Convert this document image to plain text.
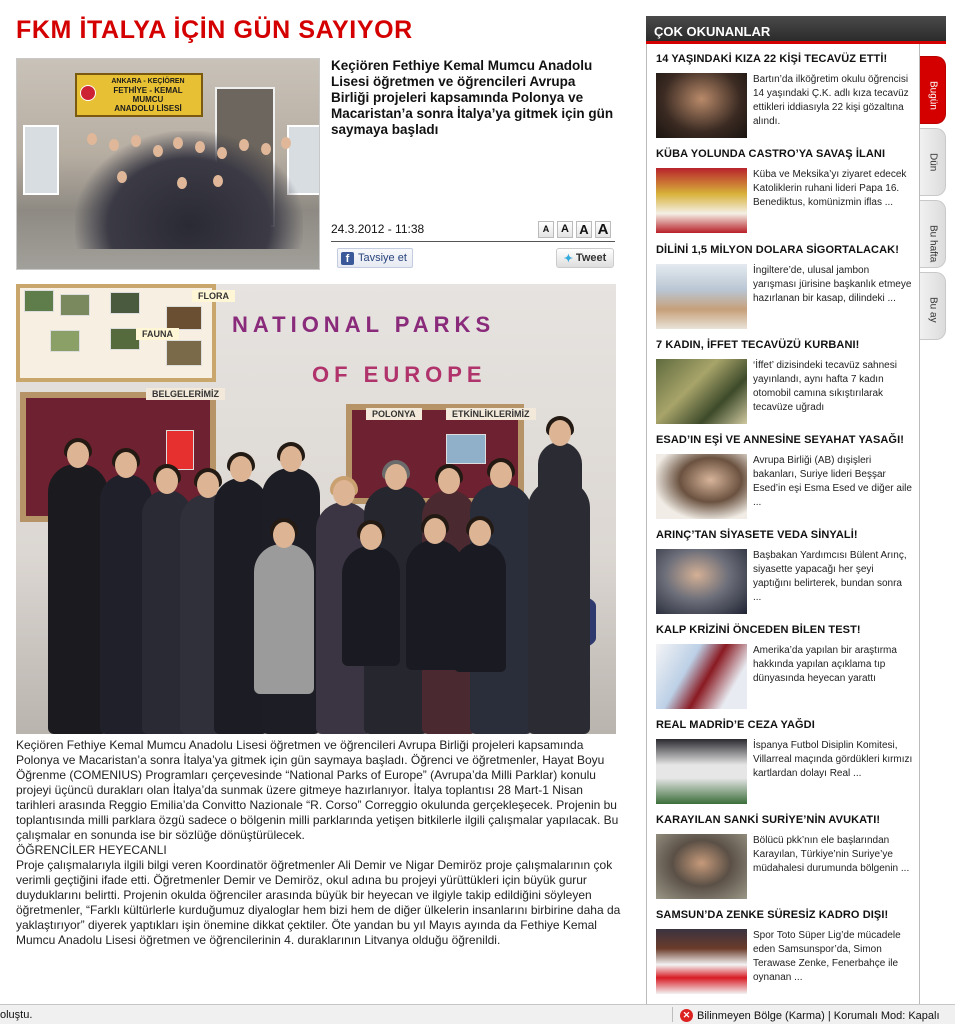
FKM İTALYA İÇİN GÜN SAYIYOR
ANKARA - KEÇİÖREN
FETHİYE - KEMAL MUMCU
ANADOLU LİSESİ
Keçiören Fethiye Kemal Mumcu Anadolu Lisesi öğretmen ve öğrencileri Avrupa Birliği projeleri kapsamında Polonya ve Macaristan’a sonra İtalya’ya gitmek için gün saymaya başladı
24.3.2012 - 11:38	A	A A A
f Tavsiye et	✦ Tweet
FAUNA
FLORA
NATIONAL PARKS
OF EUROPE
BELGELERİMİZ
POLONYA	ETKİNLİKLERİMİZ

Keçiören Fethiye Kemal Mumcu Anadolu Lisesi öğretmen ve öğrencileri Avrupa Birliği projeleri kapsamında Polonya ve Macaristan’a sonra İtalya’ya gitmek için gün saymaya başladı. Öğrenci ve öğretmenler, Hayat Boyu Öğrenme (COMENIUS) Programları çerçevesinde “National Parks of Europe” (Avrupa’da Milli Parklar) konulu projeyi üçüncü durakları olan İtalya’da sunmak üzere gitmeye hazırlanıyor. İtalya toplantısı 28 Mart-1 Nisan tarihleri arasında Reggio Emilia’da Convitto Nazionale “R. Corso” Correggio okulunda gerçekleşecek. Projenin bu toplantısında milli parklara özgü sadece o bölgenin milli parklarında yetişen bitkilerle ilgili çalışmalar yapılacak. Bu çalışmalar en sonunda ise bir sözlüğe dönüştürülecek.

ÖĞRENCİLER HEYECANLI

Proje çalışmalarıyla ilgili bilgi veren Koordinatör öğretmenler Ali Demir ve Nigar Demiröz proje çalışmalarının çok verimli geçtiğini ifade etti. Öğretmenler Demir ve Demiröz, okul adına bu projeyi yürüttükleri için büyük gurur duyduklarını belirtti. Projenin okulda öğrenciler arasında büyük bir heyecan ve ilgiyle takip edildiğini söyleyen öğretmenler, “Farklı kültürlerle kurduğumuz diyaloglar hem bizi hem de diğer ülkelerin insanlarını birbirine daha da yaklaştırıyor” diyerek yaptıkları işin önemine dikkat çektiler. Öte yandan bu yıl Mayıs ayında da Fethiye Kemal Mumcu Anadolu Lisesi öğretmen ve öğrencilerinin 4. duraklarının Litvanya olduğu öğrenildi.

ÇOK OKUNANLAR
Bugün
Dün
Bu hafta
Bu ay
14 YAŞINDAKİ KIZA 22 KİŞİ TECAVÜZ ETTİ!
Bartın’da ilköğretim okulu öğrencisi 14 yaşındaki Ç.K. adlı kıza tecavüz ettikleri iddiasıyla 22 kişi gözaltına alındı.
KÜBA YOLUNDA CASTRO’YA SAVAŞ İLANI
Küba ve Meksika’yı ziyaret edecek Katoliklerin ruhani lideri Papa 16. Benediktus, komünizmin iflas ...
DİLİNİ 1,5 MİLYON DOLARA SİGORTALACAK!
İngiltere’de, ulusal jambon yarışması jürisine başkanlık etmeye hazırlanan bir kasap, dilindeki ...
7 KADIN, İFFET TECAVÜZÜ KURBANI!
‘İffet’ dizisindeki tecavüz sahnesi yayınlandı, aynı hafta 7 kadın otomobil camına sıkıştırılarak tecavüze uğradı
ESAD’IN EŞİ VE ANNESİNE SEYAHAT YASAĞI!
Avrupa Birliği (AB) dışişleri bakanları, Suriye lideri Beşşar Esed’in eşi Esma Esed ve diğer aile ...
ARINÇ’TAN SİYASETE VEDA SİNYALİ!
Başbakan Yardımcısı Bülent Arınç, siyasette yapacağı her şeyi yaptığını belirterek, bundan sonra ...
KALP KRİZİNİ ÖNCEDEN BİLEN TEST!
Amerika’da yapılan bir araştırma hakkında yapılan açıklama tıp dünyasında heyecan yarattı
REAL MADRİD’E CEZA YAĞDI
İspanya Futbol Disiplin Komitesi, Villarreal maçında gördükleri kırmızı kartlardan dolayı Real ...
KARAYILAN SANKİ SURİYE’NİN AVUKATI!
Bölücü pkk’nın ele başlarından Karayılan, Türkiye’nin Suriye’ye müdahalesi durumunda bölgenin ...
SAMSUN’DA ZENKE SÜRESİZ KADRO DIŞI!
Spor Toto Süper Lig’de mücadele eden Samsunspor’da, Simon Terawase Zenke, Fenerbahçe ile oynanan ...
oluştu.	✕ Bilinmeyen Bölge (Karma) | Korumalı Mod: Kapalı
